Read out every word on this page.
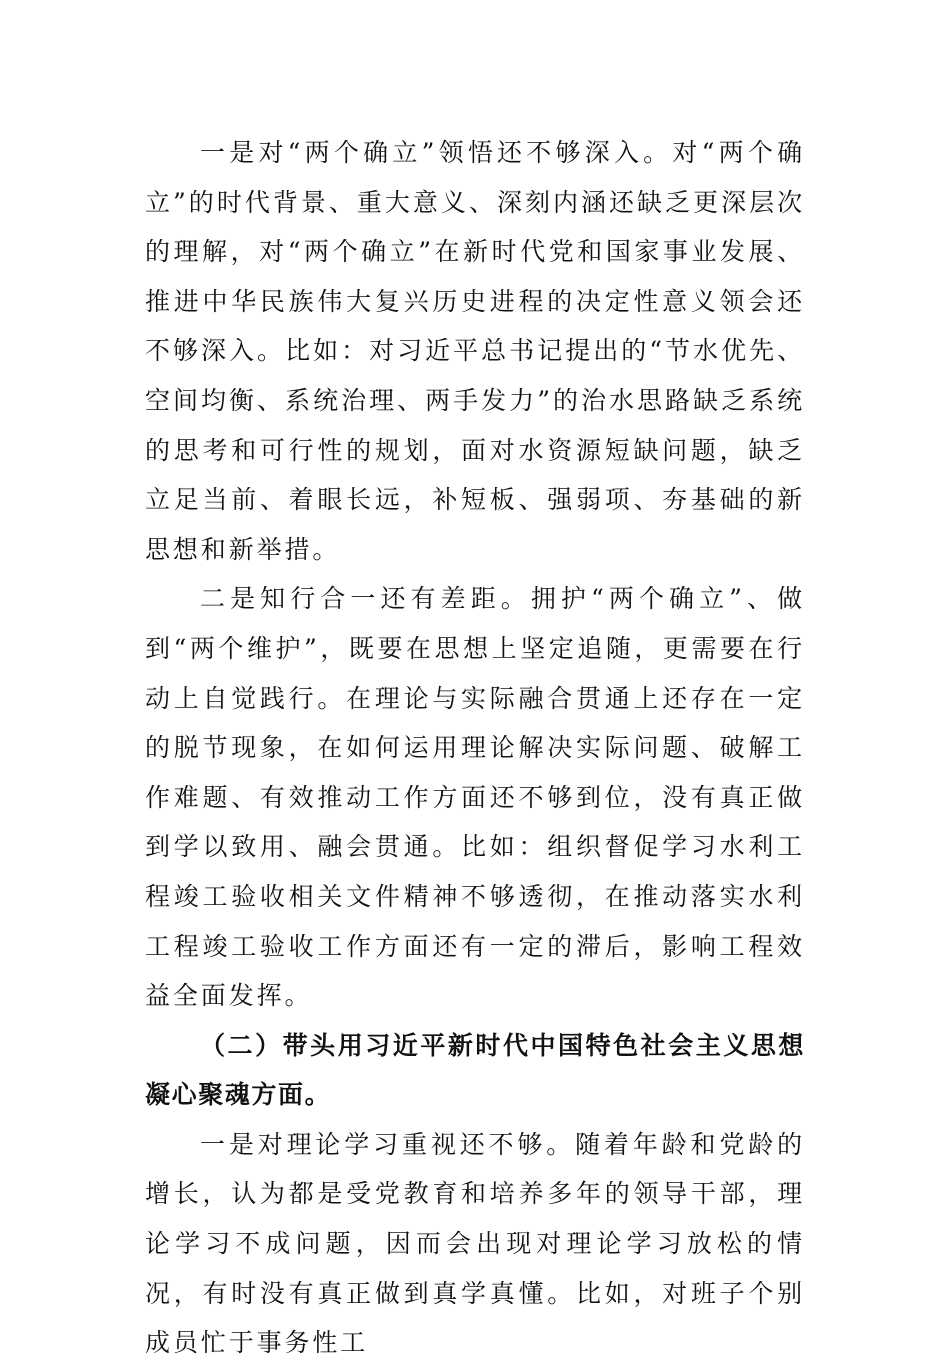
一是对“两个确立”领悟还不够深入。对“两个确立”的时代背景、重大意义、深刻内涵还缺乏更深层次的理解，对“两个确立”在新时代党和国家事业发展、推进中华民族伟大复兴历史进程的决定性意义领会还不够深入。比如：对习近平总书记提出的“节水优先、空间均衡、系统治理、两手发力”的治水思路缺乏系统的思考和可行性的规划，面对水资源短缺问题，缺乏立足当前、着眼长远，补短板、强弱项、夯基础的新思想和新举措。

二是知行合一还有差距。拥护“两个确立”、做到“两个维护”，既要在思想上坚定追随，更需要在行动上自觉践行。在理论与实际融合贯通上还存在一定的脱节现象，在如何运用理论解决实际问题、破解工作难题、有效推动工作方面还不够到位，没有真正做到学以致用、融会贯通。比如：组织督促学习水利工程竣工验收相关文件精神不够透彻，在推动落实水利工程竣工验收工作方面还有一定的滞后，影响工程效益全面发挥。

（二）带头用习近平新时代中国特色社会主义思想凝心聚魂方面。

一是对理论学习重视还不够。随着年龄和党龄的增长，认为都是受党教育和培养多年的领导干部，理论学习不成问题，因而会出现对理论学习放松的情况，有时没有真正做到真学真懂。比如，对班子个别成员忙于事务性工
